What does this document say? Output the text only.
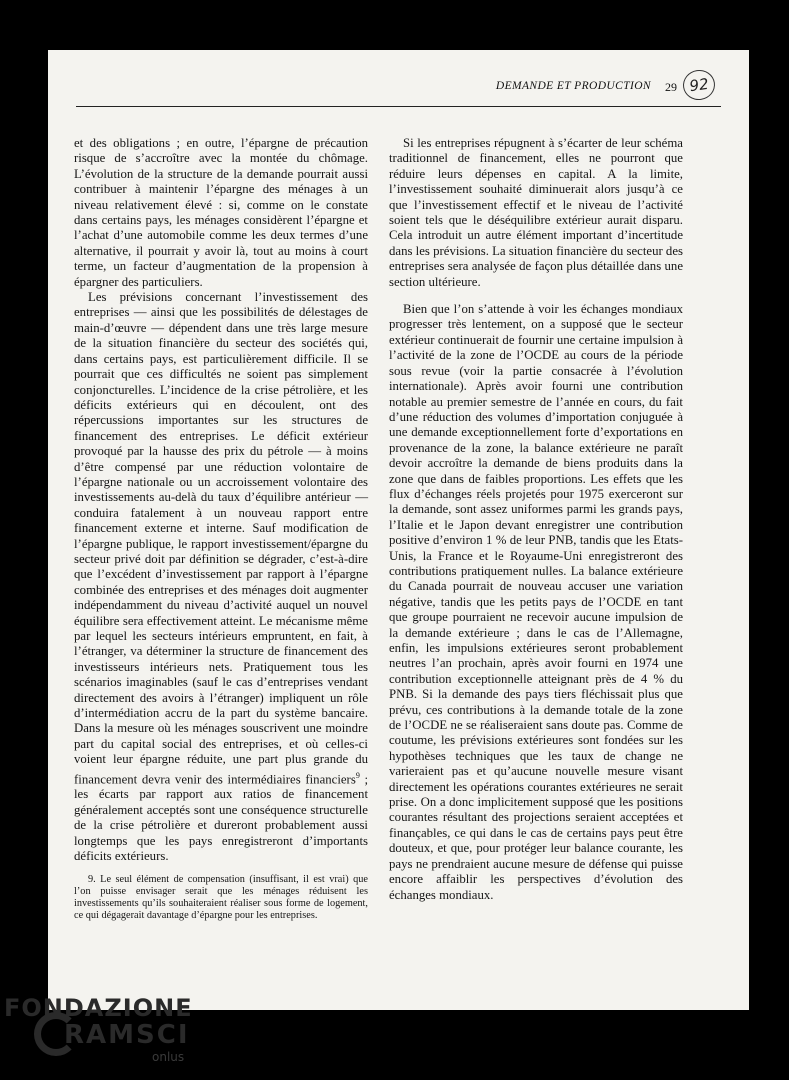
DEMANDE ET PRODUCTION 29 92

et des obligations ; en outre, l’épargne de précaution risque de s’accroître avec la montée du chômage. L’évolution de la structure de la demande pourrait aussi contribuer à maintenir l’épargne des ménages à un niveau relativement élevé : si, comme on le constate dans certains pays, les ménages considèrent l’épargne et l’achat d’une automobile comme les deux termes d’une alternative, il pourrait y avoir là, tout au moins à court terme, un facteur d’augmentation de la propension à épargner des particuliers.

Les prévisions concernant l’investissement des entreprises — ainsi que les possibilités de délestages de main-d’œuvre — dépendent dans une très large mesure de la situation financière du secteur des sociétés qui, dans certains pays, est particulièrement difficile. Il se pourrait que ces difficultés ne soient pas simplement conjoncturelles. L’incidence de la crise pétrolière, et les déficits extérieurs qui en découlent, ont des répercussions importantes sur les structures de financement des entreprises. Le déficit extérieur provoqué par la hausse des prix du pétrole — à moins d’être compensé par une réduction volontaire de l’épargne nationale ou un accroissement volontaire des investissements au-delà du taux d’équilibre antérieur — conduira fatalement à un nouveau rapport entre financement externe et interne. Sauf modification de l’épargne publique, le rapport investissement/épargne du secteur privé doit par définition se dégrader, c’est-à-dire que l’excédent d’investissement par rapport à l’épargne combinée des entreprises et des ménages doit augmenter indépendamment du niveau d’activité auquel un nouvel équilibre sera effectivement atteint. Le mécanisme même par lequel les secteurs intérieurs empruntent, en fait, à l’étranger, va déterminer la structure de financement des investisseurs intérieurs nets. Pratiquement tous les scénarios imaginables (sauf le cas d’entreprises vendant directement des avoirs à l’étranger) impliquent un rôle d’intermédiation accru de la part du système bancaire. Dans la mesure où les ménages souscrivent une moindre part du capital social des entreprises, et où celles-ci voient leur épargne réduite, une part plus grande du financement devra venir des intermédiaires financiers$^9$ ; les écarts par rapport aux ratios de financement généralement acceptés sont une conséquence structurelle de la crise pétrolière et dureront probablement aussi longtemps que les pays enregistreront d’importants déficits extérieurs.

9. Le seul élément de compensation (insuffisant, il est vrai) que l’on puisse envisager serait que les ménages réduisent les investissements qu’ils souhaiteraient réaliser sous forme de logement, ce qui dégagerait davantage d’épargne pour les entreprises.

Si les entreprises répugnent à s’écarter de leur schéma traditionnel de financement, elles ne pourront que réduire leurs dépenses en capital. A la limite, l’investissement souhaité diminuerait alors jusqu’à ce que l’investissement effectif et le niveau de l’activité soient tels que le déséquilibre extérieur aurait disparu. Cela introduit un autre élément important d’incertitude dans les prévisions. La situation financière du secteur des entreprises sera analysée de façon plus détaillée dans une section ultérieure.

Bien que l’on s’attende à voir les échanges mondiaux progresser très lentement, on a supposé que le secteur extérieur continuerait de fournir une certaine impulsion à l’activité de la zone de l’OCDE au cours de la période sous revue (voir la partie consacrée à l’évolution internationale). Après avoir fourni une contribution notable au premier semestre de l’année en cours, du fait d’une réduction des volumes d’importation conjuguée à une demande exceptionnellement forte d’exportations en provenance de la zone, la balance extérieure ne paraît devoir accroître la demande de biens produits dans la zone que dans de faibles proportions. Les effets que les flux d’échanges réels projetés pour 1975 exerceront sur la demande, sont assez uniformes parmi les grands pays, l’Italie et le Japon devant enregistrer une contribution positive d’environ 1 % de leur PNB, tandis que les Etats-Unis, la France et le Royaume-Uni enregistreront des contributions pratiquement nulles. La balance extérieure du Canada pourrait de nouveau accuser une variation négative, tandis que les petits pays de l’OCDE en tant que groupe pourraient ne recevoir aucune impulsion de la demande extérieure ; dans le cas de l’Allemagne, enfin, les impulsions extérieures seront probablement neutres l’an prochain, après avoir fourni en 1974 une contribution exceptionnelle atteignant près de 4 % du PNB. Si la demande des pays tiers fléchissait plus que prévu, ces contributions à la demande totale de la zone de l’OCDE ne se réaliseraient sans doute pas. Comme de coutume, les prévisions extérieures sont fondées sur les hypothèses techniques que les taux de change ne varieraient pas et qu’aucune nouvelle mesure visant directement les opérations courantes extérieures ne serait prise. On a donc implicitement supposé que les positions courantes résultant des projections seraient acceptées et finançables, ce qui dans le cas de certains pays peut être douteux, et que, pour protéger leur balance courante, les pays ne prendraient aucune mesure de défense qui puisse encore affaiblir les perspectives d’évolution des échanges mondiaux.

FONDAZIONE
RAMSCI
onlus
